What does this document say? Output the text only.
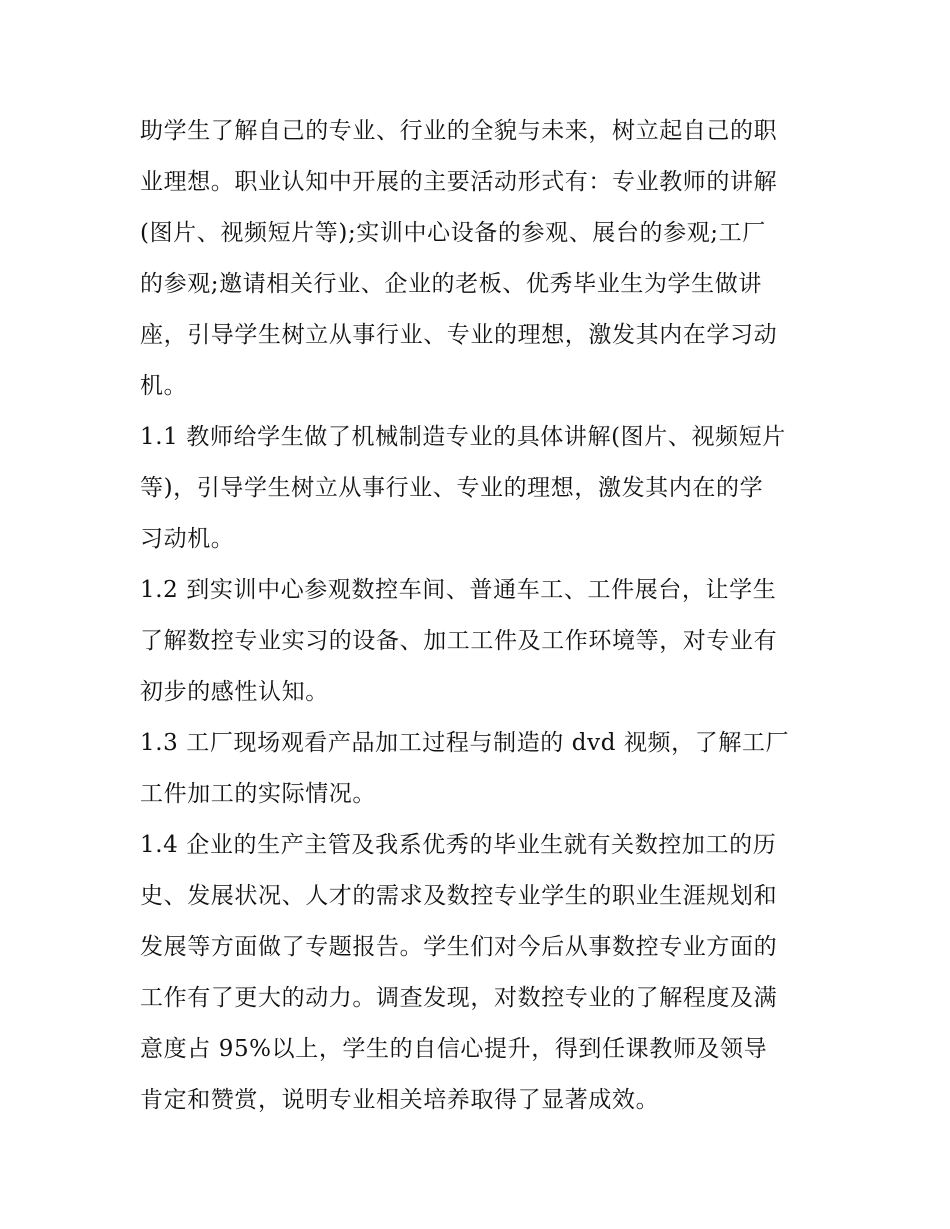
助学生了解自己的专业、行业的全貌与未来，树立起自己的职
业理想。职业认知中开展的主要活动形式有：专业教师的讲解
(图片、视频短片等);实训中心设备的参观、展台的参观;工厂
的参观;邀请相关行业、企业的老板、优秀毕业生为学生做讲
座，引导学生树立从事行业、专业的理想，激发其内在学习动
机。
1.1 教师给学生做了机械制造专业的具体讲解(图片、视频短片
等)，引导学生树立从事行业、专业的理想，激发其内在的学
习动机。
1.2 到实训中心参观数控车间、普通车工、工件展台，让学生
了解数控专业实习的设备、加工工件及工作环境等，对专业有
初步的感性认知。
1.3 工厂现场观看产品加工过程与制造的 dvd 视频，了解工厂
工件加工的实际情况。
1.4 企业的生产主管及我系优秀的毕业生就有关数控加工的历
史、发展状况、人才的需求及数控专业学生的职业生涯规划和
发展等方面做了专题报告。学生们对今后从事数控专业方面的
工作有了更大的动力。调查发现，对数控专业的了解程度及满
意度占 95%以上，学生的自信心提升，得到任课教师及领导
肯定和赞赏，说明专业相关培养取得了显著成效。
